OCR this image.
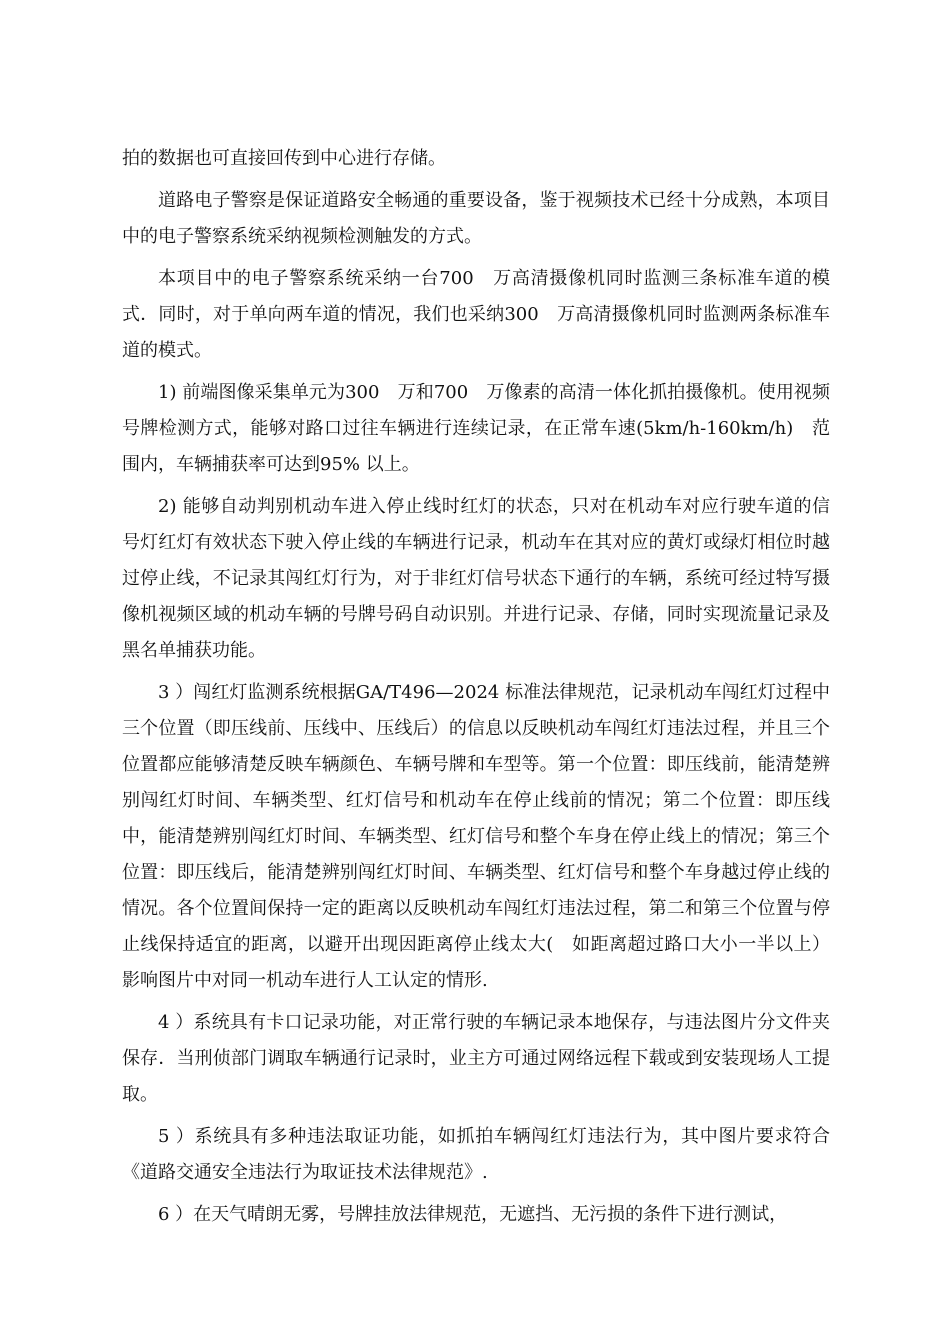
拍的数据也可直接回传到中心进行存储。

道路电子警察是保证道路安全畅通的重要设备，鉴于视频技术已经十分成熟，本项目中的电子警察系统采纳视频检测触发的方式。

本项目中的电子警察系统采纳一台700　万高清摄像机同时监测三条标准车道的模式．同时，对于单向两车道的情况，我们也采纳300　万高清摄像机同时监测两条标准车道的模式。

1) 前端图像采集单元为300　万和700　万像素的高清一体化抓拍摄像机。使用视频号牌检测方式，能够对路口过往车辆进行连续记录，在正常车速(5km/h-160km/h)　范围内，车辆捕获率可达到95% 以上。

2) 能够自动判别机动车进入停止线时红灯的状态，只对在机动车对应行驶车道的信号灯红灯有效状态下驶入停止线的车辆进行记录，机动车在其对应的黄灯或绿灯相位时越过停止线，不记录其闯红灯行为，对于非红灯信号状态下通行的车辆，系统可经过特写摄像机视频区域的机动车辆的号牌号码自动识别。并进行记录、存储，同时实现流量记录及黑名单捕获功能。

3 ）闯红灯监测系统根据GA/T496—2024 标准法律规范，记录机动车闯红灯过程中三个位置（即压线前、压线中、压线后）的信息以反映机动车闯红灯违法过程，并且三个位置都应能够清楚反映车辆颜色、车辆号牌和车型等。第一个位置：即压线前，能清楚辨别闯红灯时间、车辆类型、红灯信号和机动车在停止线前的情况；第二个位置：即压线中，能清楚辨别闯红灯时间、车辆类型、红灯信号和整个车身在停止线上的情况；第三个位置：即压线后，能清楚辨别闯红灯时间、车辆类型、红灯信号和整个车身越过停止线的情况。各个位置间保持一定的距离以反映机动车闯红灯违法过程，第二和第三个位置与停止线保持适宜的距离，以避开出现因距离停止线太大(　如距离超过路口大小一半以上）影响图片中对同一机动车进行人工认定的情形.

4 ）系统具有卡口记录功能，对正常行驶的车辆记录本地保存，与违法图片分文件夹保存．当刑侦部门调取车辆通行记录时，业主方可通过网络远程下载或到安装现场人工提取。

5 ）系统具有多种违法取证功能，如抓拍车辆闯红灯违法行为，其中图片要求符合《道路交通安全违法行为取证技术法律规范》.

6 ）在天气晴朗无雾，号牌挂放法律规范，无遮挡、无污损的条件下进行测试，
